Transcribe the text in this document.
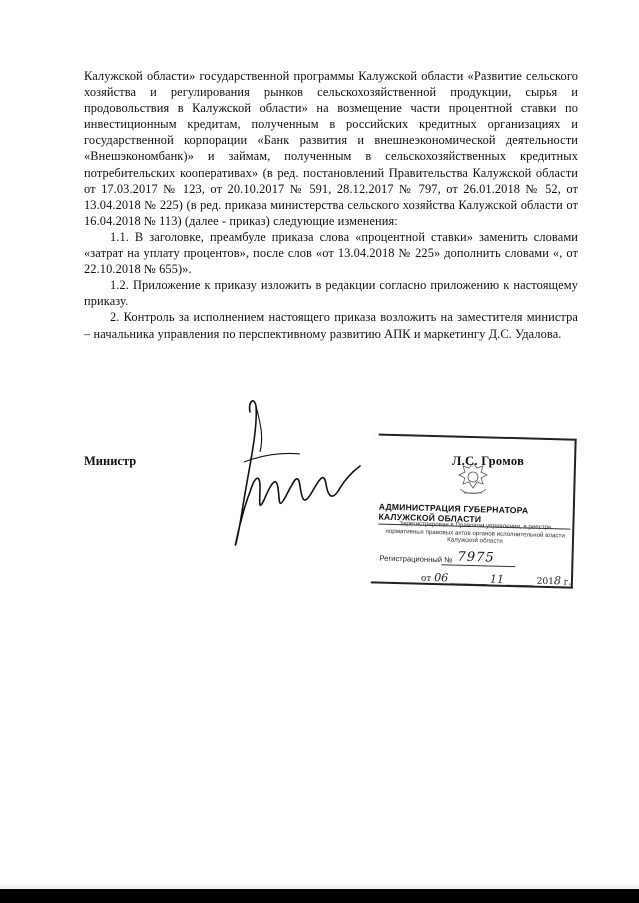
Калужской области» государственной программы Калужской области «Развитие сельского хозяйства и регулирования рынков сельскохозяйственной продукции, сырья и продовольствия в Калужской области» на возмещение части процентной ставки по инвестиционным кредитам, полученным в российских кредитных организациях и государственной корпорации «Банк развития и внешнеэкономической деятельности «Внешэкономбанк)» и займам, полученным в сельскохозяйственных кредитных потребительских кооперативах» (в ред. постановлений Правительства Калужской области от 17.03.2017 № 123, от 20.10.2017 № 591, 28.12.2017 № 797, от 26.01.2018 № 52, от 13.04.2018 № 225) (в ред. приказа министерства сельского хозяйства Калужской области от 16.04.2018 № 113) (далее - приказ) следующие изменения:

1.1. В заголовке, преамбуле приказа слова «процентной ставки» заменить словами «затрат на уплату процентов», после слов «от 13.04.2018 № 225» дополнить словами «, от 22.10.2018 № 655)».

1.2. Приложение к приказу изложить в редакции согласно приложению к настоящему приказу.

2. Контроль за исполнением настоящего приказа возложить на заместителя министра – начальника управления по перспективному развитию АПК и маркетингу Д.С. Удалова.

Министр	Л.С. Громов
АДМИНИСТРАЦИЯ ГУБЕРНАТОРА КАЛУЖСКОЙ ОБЛАСТИ
Зарегистрирован в Правовом управлении, в реестре нормативных правовых актов органов исполнительной власти Калужской области
Регистрационный № 7975
от 06 ________ 11 ______ 2018 г.
